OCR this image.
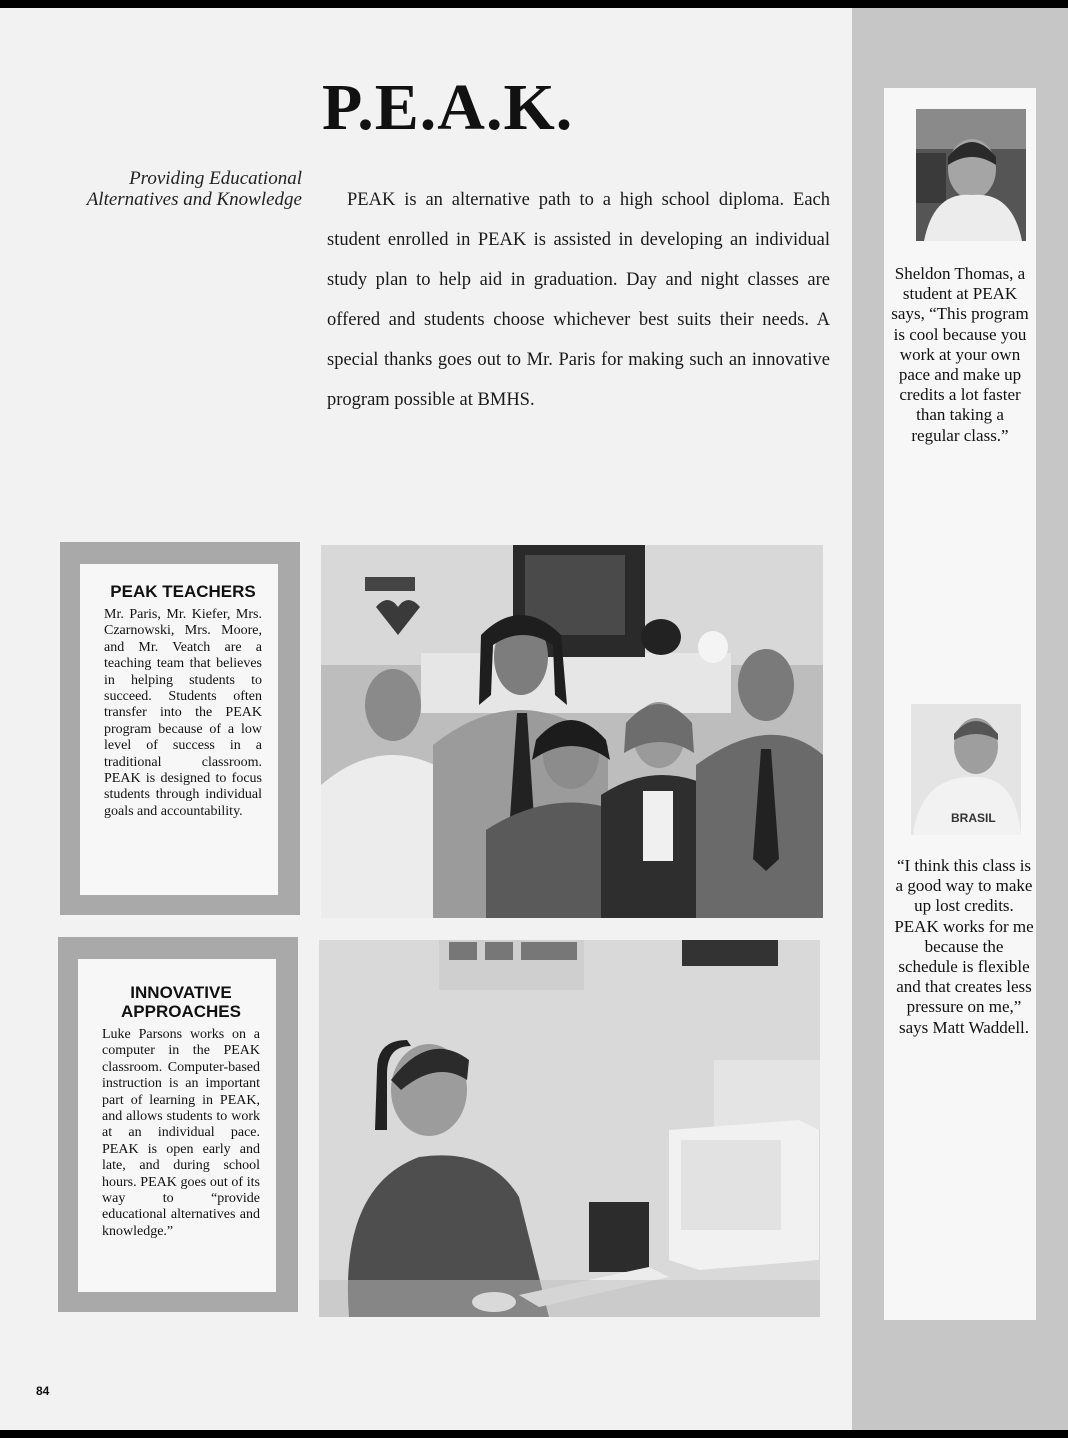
P.E.A.K.
Providing Educational Alternatives and Knowledge	PEAK is an alternative path to a high school diploma. Each student enrolled in PEAK is assisted in developing an individual study plan to help aid in graduation. Day and night classes are offered and students choose whichever best suits their needs. A special thanks goes out to Mr. Paris for making such an innovative program possible at BMHS.

PEAK TEACHERS

Mr. Paris, Mr. Kiefer, Mrs. Czarnowski, Mrs. Moore, and Mr. Veatch are a teaching team that believes in helping students to succeed. Students often transfer into the PEAK program because of a low level of success in a traditional classroom. PEAK is designed to focus students through individual goals and accountability.

INNOVATIVE APPROACHES

Luke Parsons works on a computer in the PEAK classroom. Computer-based instruction is an important part of learning in PEAK, and allows students to work at an individual pace. PEAK is open early and late, and during school hours. PEAK goes out of its way to “provide educational alternatives and knowledge.”

Sheldon Thomas, a student at PEAK says, “This program is cool because you work at your own pace and make up credits a lot faster than taking a regular class.”

BRASIL

“I think this class is a good way to make up lost credits. PEAK works for me because the schedule is flexible and that creates less pressure on me,” says Matt Waddell.

84
